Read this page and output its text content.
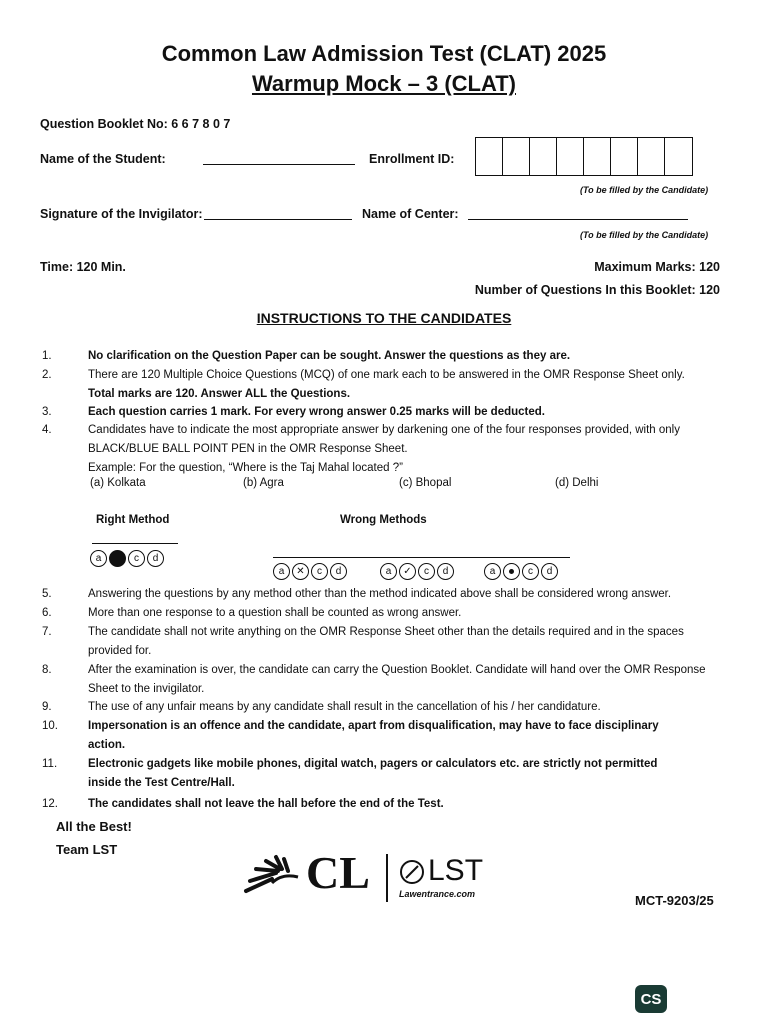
Common Law Admission Test (CLAT) 2025
Warmup Mock – 3 (CLAT)
Question Booklet No: 6 6 7 8 0 7
Name of the Student:	Enrollment ID:
(To be filled by the Candidate)
Signature of the Invigilator:	Name of Center:
(To be filled by the Candidate)
Time: 120 Min.	Maximum Marks: 120
Number of Questions In this Booklet: 120
INSTRUCTIONS TO THE CANDIDATES
1.	No clarification on the Question Paper can be sought. Answer the questions as they are.
2.	There are 120 Multiple Choice Questions (MCQ) of one mark each to be answered in the OMR Response Sheet only.
Total marks are 120. Answer ALL the Questions.
3.	Each question carries 1 mark. For every wrong answer 0.25 marks will be deducted.
4.	Candidates have to indicate the most appropriate answer by darkening one of the four responses provided, with only
BLACK/BLUE BALL POINT PEN in the OMR Response Sheet.
Example: For the question, “Where is the Taj Mahal located ?”
(a) Kolkata	(b) Agra	(c) Bhopal	(d) Delhi
Right Method	Wrong Methods
a	c d
a ✕ c d	a ✓ c d	a	c d
5.	Answering the questions by any method other than the method indicated above shall be considered wrong answer.
6.	More than one response to a question shall be counted as wrong answer.
7.	The candidate shall not write anything on the OMR Response Sheet other than the details required and in the spaces
provided for.
8.	After the examination is over, the candidate can carry the Question Booklet. Candidate will hand over the OMR Response
Sheet to the invigilator.
9.	The use of any unfair means by any candidate shall result in the cancellation of his / her candidature.
10.	Impersonation is an offence and the candidate, apart from disqualification, may have to face disciplinary
action.
11.	Electronic gadgets like mobile phones, digital watch, pagers or calculators etc. are strictly not permitted
inside the Test Centre/Hall.
12.	The candidates shall not leave the hall before the end of the Test.
All the Best!
Team LST	CL LST
Lawentrance.com	MCT-9203/25
CS
